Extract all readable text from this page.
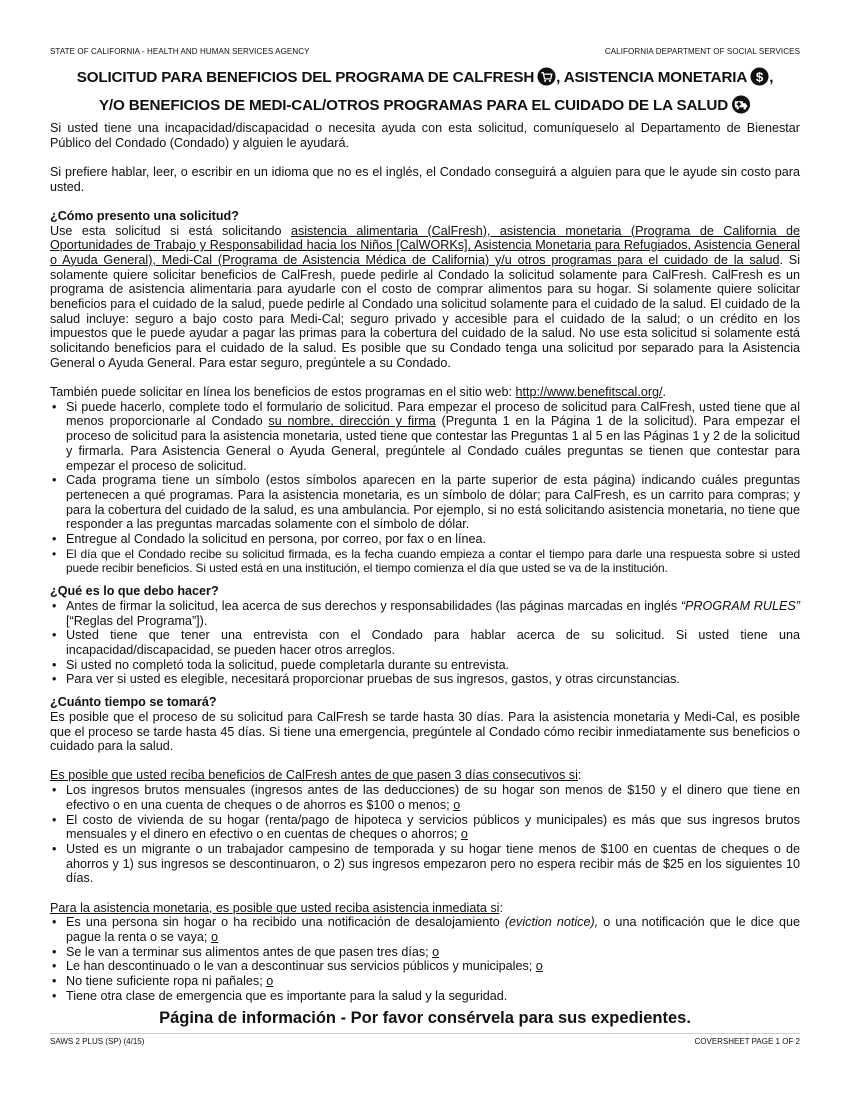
STATE OF CALIFORNIA - HEALTH AND HUMAN SERVICES AGENCY	CALIFORNIA DEPARTMENT OF SOCIAL SERVICES
SOLICITUD PARA BENEFICIOS DEL PROGRAMA DE CALFRESH , ASISTENCIA MONETARIA $ ,
Y/O BENEFICIOS DE MEDI-CAL/OTROS PROGRAMAS PARA EL CUIDADO DE LA SALUD

Si usted tiene una incapacidad/discapacidad o necesita ayuda con esta solicitud, comuníqueselo al Departamento de Bienestar Público del Condado (Condado) y alguien le ayudará.

Si prefiere hablar, leer, o escribir en un idioma que no es el inglés, el Condado conseguirá a alguien para que le ayude sin costo para usted.

¿Cómo presento una solicitud?

Use esta solicitud si está solicitando asistencia alimentaria (CalFresh), asistencia monetaria (Programa de California de Oportunidades de Trabajo y Responsabilidad hacia los Niños [CalWORKs], Asistencia Monetaria para Refugiados, Asistencia General o Ayuda General), Medi-Cal (Programa de Asistencia Médica de California) y/u otros programas para el cuidado de la salud. Si solamente quiere solicitar beneficios de CalFresh, puede pedirle al Condado la solicitud solamente para CalFresh. CalFresh es un programa de asistencia alimentaria para ayudarle con el costo de comprar alimentos para su hogar. Si solamente quiere solicitar beneficios para el cuidado de la salud, puede pedirle al Condado una solicitud solamente para el cuidado de la salud. El cuidado de la salud incluye: seguro a bajo costo para Medi-Cal; seguro privado y accesible para el cuidado de la salud; o un crédito en los impuestos que le puede ayudar a pagar las primas para la cobertura del cuidado de la salud. No use esta solicitud si solamente está solicitando beneficios para el cuidado de la salud. Es posible que su Condado tenga una solicitud por separado para la Asistencia General o Ayuda General. Para estar seguro, pregúntele a su Condado.

También puede solicitar en línea los beneficios de estos programas en el sitio web: http://www.benefitscal.org/.

• Si puede hacerlo, complete todo el formulario de solicitud. Para empezar el proceso de solicitud para CalFresh, usted tiene que al menos proporcionarle al Condado su nombre, dirección y firma (Pregunta 1 en la Página 1 de la solicitud). Para empezar el proceso de solicitud para la asistencia monetaria, usted tiene que contestar las Preguntas 1 al 5 en las Páginas 1 y 2 de la solicitud y firmarla. Para Asistencia General o Ayuda General, pregúntele al Condado cuáles preguntas se tienen que contestar para empezar el proceso de solicitud.
• Cada programa tiene un símbolo (estos símbolos aparecen en la parte superior de esta página) indicando cuáles preguntas pertenecen a qué programas. Para la asistencia monetaria, es un símbolo de dólar; para CalFresh, es un carrito para compras; y para la cobertura del cuidado de la salud, es una ambulancia. Por ejemplo, si no está solicitando asistencia monetaria, no tiene que responder a las preguntas marcadas solamente con el símbolo de dólar.
• Entregue al Condado la solicitud en persona, por correo, por fax o en línea.
• El día que el Condado recibe su solicitud firmada, es la fecha cuando empieza a contar el tiempo para darle una respuesta sobre si usted puede recibir beneficios. Si usted está en una institución, el tiempo comienza el día que usted se va de la institución.
¿Qué es lo que debo hacer?
• Antes de firmar la solicitud, lea acerca de sus derechos y responsabilidades (las páginas marcadas en inglés “PROGRAM RULES” [“Reglas del Programa”]).
• Usted tiene que tener una entrevista con el Condado para hablar acerca de su solicitud. Si usted tiene una incapacidad/discapacidad, se pueden hacer otros arreglos.
• Si usted no completó toda la solicitud, puede completarla durante su entrevista.
• Para ver si usted es elegible, necesitará proporcionar pruebas de sus ingresos, gastos, y otras circunstancias.
¿Cuánto tiempo se tomará?

Es posible que el proceso de su solicitud para CalFresh se tarde hasta 30 días. Para la asistencia monetaria y Medi-Cal, es posible que el proceso se tarde hasta 45 días. Si tiene una emergencia, pregúntele al Condado cómo recibir inmediatamente sus beneficios o cuidado para la salud.

Es posible que usted reciba beneficios de CalFresh antes de que pasen 3 días consecutivos si:

• Los ingresos brutos mensuales (ingresos antes de las deducciones) de su hogar son menos de $150 y el dinero que tiene en efectivo o en una cuenta de cheques o de ahorros es $100 o menos; o
• El costo de vivienda de su hogar (renta/pago de hipoteca y servicios públicos y municipales) es más que sus ingresos brutos mensuales y el dinero en efectivo o en cuentas de cheques o ahorros; o
• Usted es un migrante o un trabajador campesino de temporada y su hogar tiene menos de $100 en cuentas de cheques o de ahorros y 1) sus ingresos se descontinuaron, o 2) sus ingresos empezaron pero no espera recibir más de $25 en los siguientes 10 días.

Para la asistencia monetaria, es posible que usted reciba asistencia inmediata si:

• Es una persona sin hogar o ha recibido una notificación de desalojamiento (eviction notice), o una notificación que le dice que pague la renta o se vaya; o
• Se le van a terminar sus alimentos antes de que pasen tres días; o
• Le han descontinuado o le van a descontinuar sus servicios públicos y municipales; o
• No tiene suficiente ropa ni pañales; o
• Tiene otra clase de emergencia que es importante para la salud y la seguridad.
Página de información - Por favor consérvela para sus expedientes.
SAWS 2 PLUS (SP) (4/15)	COVERSHEET PAGE 1 OF 2
